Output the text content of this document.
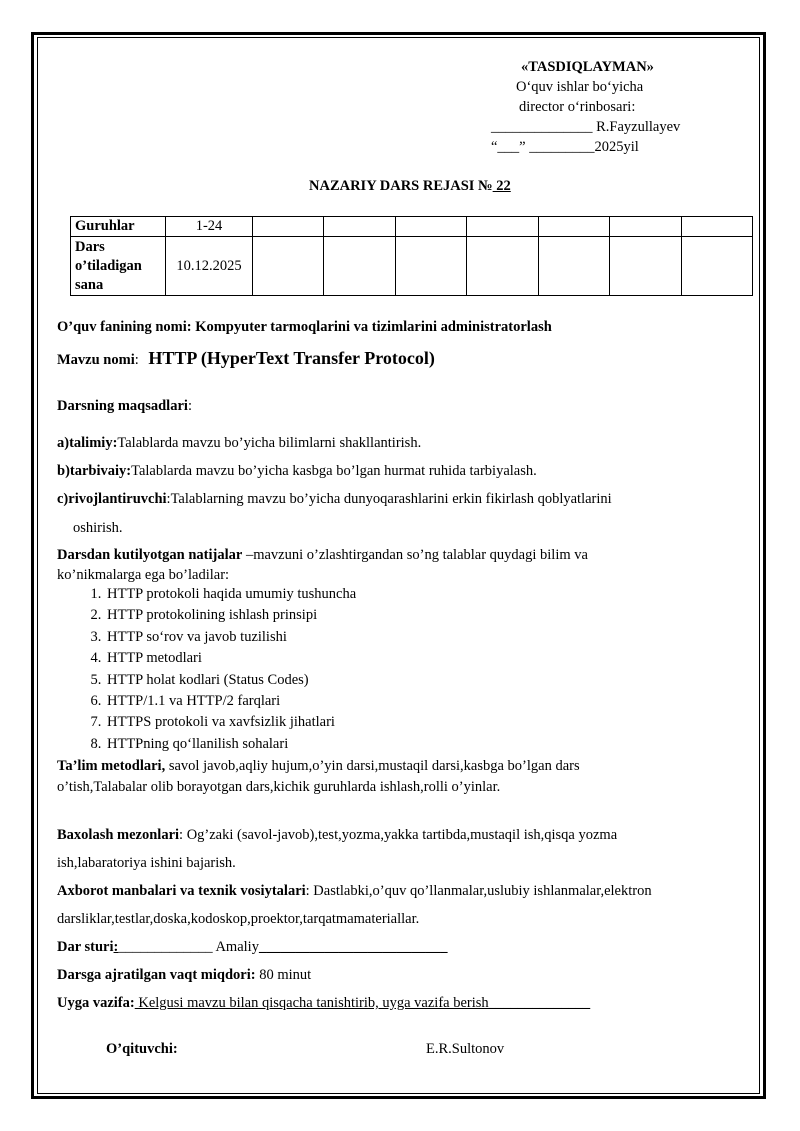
«TASDIQLAYMAN»
O‘quv ishlar bo‘yicha
director o‘rinbosari:
______________ R.Fayzullayev
“___” _________2025yil
NAZARIY DARS REJASI № 22
Guruhlar	1-24							

Dars
o’tiladigan
sana	10.12.2025							
O’quv fanining nomi: Kompyuter tarmoqlarini va tizimlarini administratorlash
Mavzu nomi: HTTP (HyperText Transfer Protocol)
Darsning maqsadlari:
a)talimiy:Talablarda mavzu bo’yicha bilimlarni shakllantirish.
b)tarbivaiy:Talablarda mavzu bo’yicha kasbga bo’lgan hurmat ruhida tarbiyalash.
c)rivojlantiruvchi:Talablarning mavzu bo’yicha dunyoqarashlarini erkin fikirlash qoblyatlarini
oshirish.
Darsdan kutilyotgan natijalar –mavzuni o’zlashtirgandan so’ng talablar quydagi bilim va
ko’nikmalarga ega bo’ladilar:
1. HTTP protokoli haqida umumiy tushuncha
2. HTTP protokolining ishlash prinsipi
3. HTTP so‘rov va javob tuzilishi
4. HTTP metodlari
5. HTTP holat kodlari (Status Codes)
6. HTTP/1.1 va HTTP/2 farqlari
7. HTTPS protokoli va xavfsizlik jihatlari
8. HTTPning qo‘llanilish sohalari
Ta’lim metodlari, savol javob,aqliy hujum,o’yin darsi,mustaqil darsi,kasbga bo’lgan dars
o’tish,Talabalar olib borayotgan dars,kichik guruhlarda ishlash,rolli o’yinlar.
Baxolash mezonlari: Og’zaki (savol-javob),test,yozma,yakka tartibda,mustaqil ish,qisqa yozma
ish,labaratoriya ishini bajarish.
Axborot manbalari va texnik vosiytalari: Dastlabki,o’quv qo’llanmalar,uslubiy ishlanmalar,elektron
darsliklar,testlar,doska,kodoskop,proektor,tarqatmamateriallar.
Dar sturi:_____________ Amaliy__________________________
Darsga ajratilgan vaqt miqdori: 80 minut
Uyga vazifa: Kelgusi mavzu bilan qisqacha tanishtirib, uyga vazifa berish______________
O’qituvchi:	E.R.Sultonov
